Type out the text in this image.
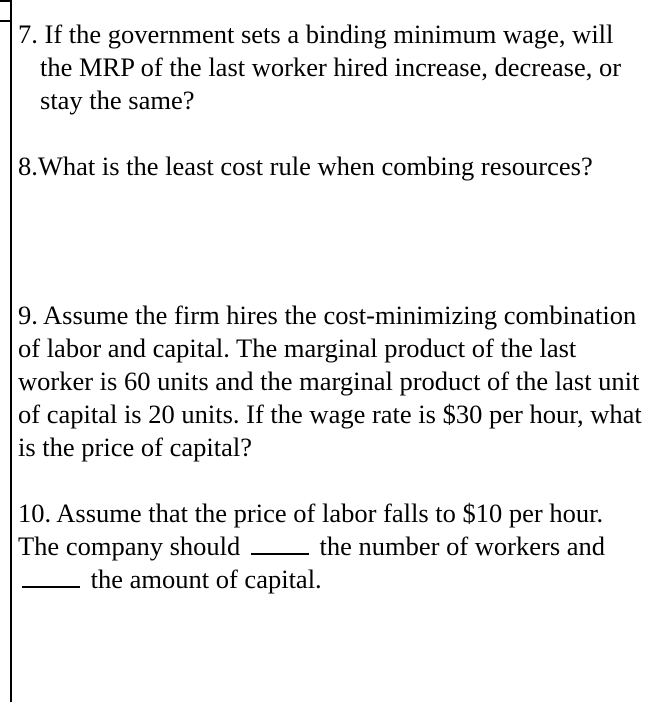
7. If the government sets a binding minimum wage, will the MRP of the last worker hired increase, decrease, or stay the same?

8.What is the least cost rule when combing resources?

9. Assume the firm hires the cost-minimizing combination of labor and capital. The marginal product of the last worker is 60 units and the marginal product of the last unit of capital is 20 units. If the wage rate is $30 per hour, what is the price of capital?

10. Assume that the price of labor falls to $10 per hour. The company should	the number of workers and  the amount of capital.
